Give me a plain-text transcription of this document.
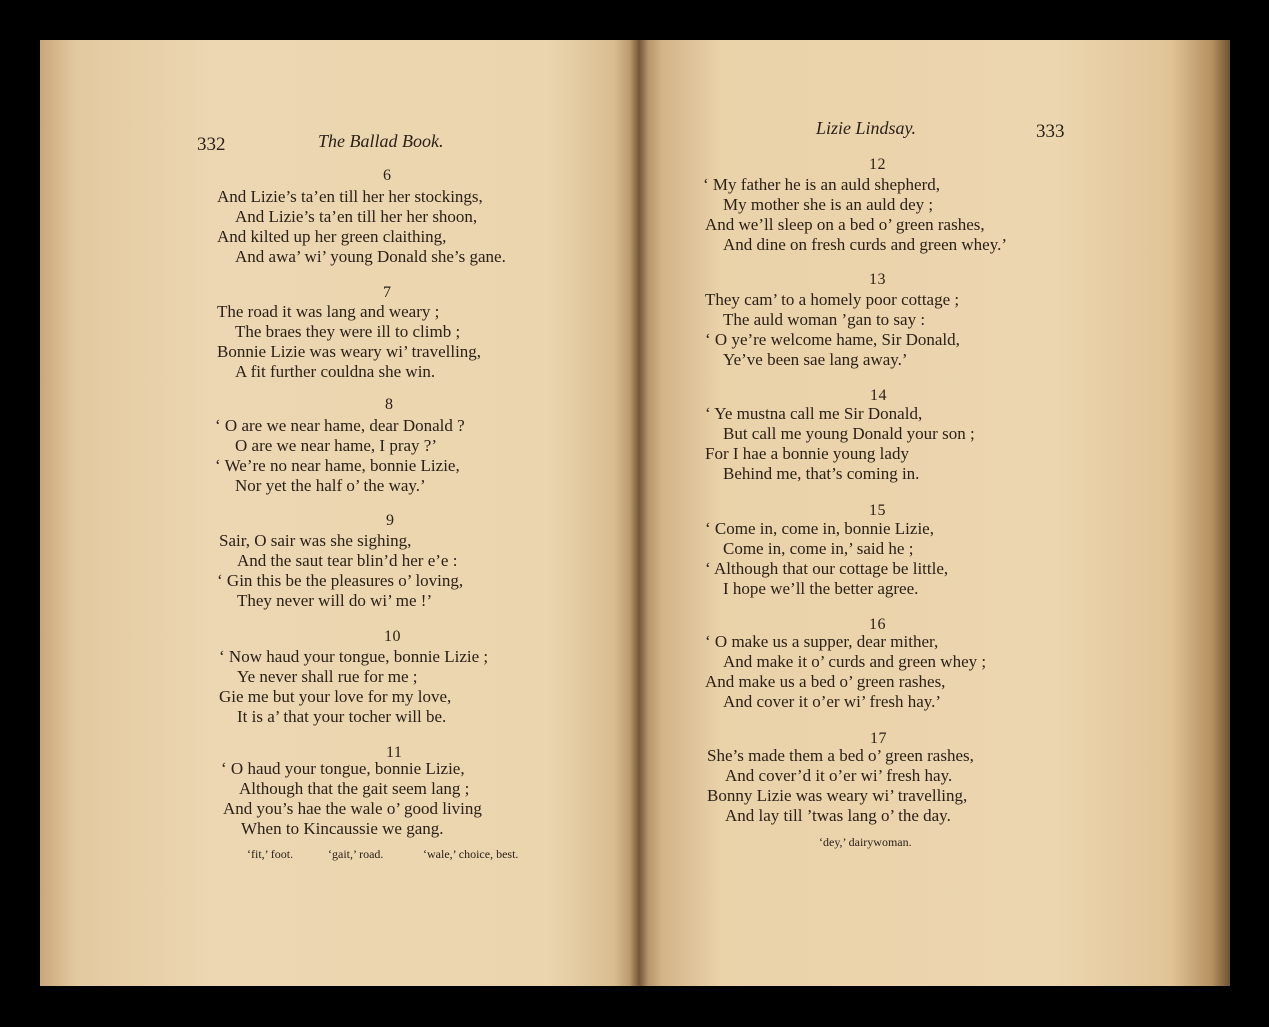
332	The Ballad Book.
6
And Lizie’s ta’en till her her stockings,
And Lizie’s ta’en till her her shoon,
And kilted up her green claithing,
And awa’ wi’ young Donald she’s gane.
7
The road it was lang and weary ;
The braes they were ill to climb ;
Bonnie Lizie was weary wi’ travelling,
A fit further couldna she win.
8
‘ O are we near hame, dear Donald ?
O are we near hame, I pray ?’
‘ We’re no near hame, bonnie Lizie,
Nor yet the half o’ the way.’
9
Sair, O sair was she sighing,
And the saut tear blin’d her e’e :
‘ Gin this be the pleasures o’ loving,
They never will do wi’ me !’
10
‘ Now haud your tongue, bonnie Lizie ;
Ye never shall rue for me ;
Gie me but your love for my love,
It is a’ that your tocher will be.
11
‘ O haud your tongue, bonnie Lizie,
Although that the gait seem lang ;
And you’s hae the wale o’ good living
When to Kincaussie we gang.
‘fit,’ foot.	‘gait,’ road.	‘wale,’ choice, best.
Lizie Lindsay.	333
12
‘ My father he is an auld shepherd,
My mother she is an auld dey ;
And we’ll sleep on a bed o’ green rashes,
And dine on fresh curds and green whey.’
13
They cam’ to a homely poor cottage ;
The auld woman ’gan to say :
‘ O ye’re welcome hame, Sir Donald,
Ye’ve been sae lang away.’
14
‘ Ye mustna call me Sir Donald,
But call me young Donald your son ;
For I hae a bonnie young lady
Behind me, that’s coming in.
15
‘ Come in, come in, bonnie Lizie,
Come in, come in,’ said he ;
‘ Although that our cottage be little,
I hope we’ll the better agree.
16
‘ O make us a supper, dear mither,
And make it o’ curds and green whey ;
And make us a bed o’ green rashes,
And cover it o’er wi’ fresh hay.’
17
She’s made them a bed o’ green rashes,
And cover’d it o’er wi’ fresh hay.
Bonny Lizie was weary wi’ travelling,
And lay till ’twas lang o’ the day.
‘dey,’ dairywoman.
